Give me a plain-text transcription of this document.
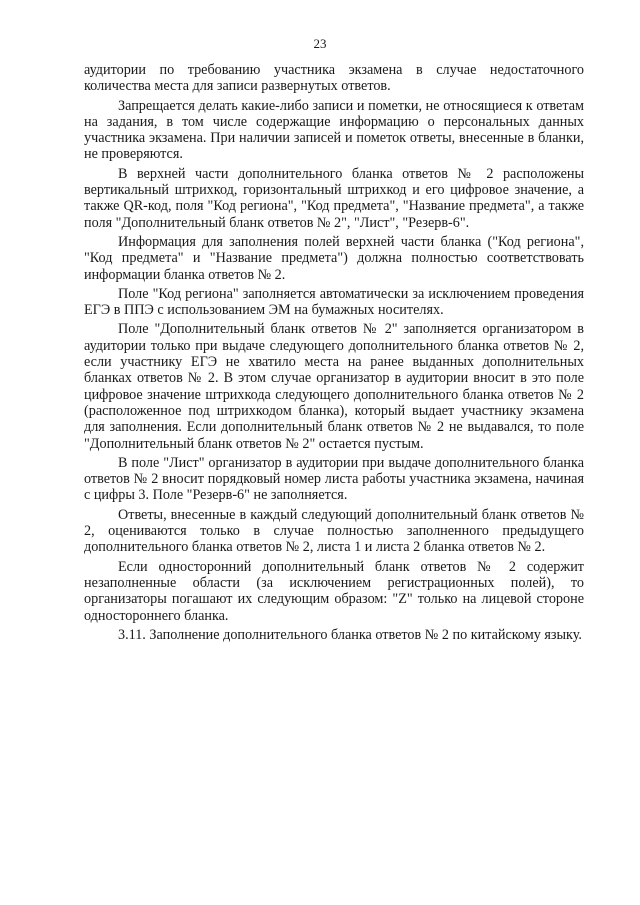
23

аудитории по требованию участника экзамена в случае недостаточного количества места для записи развернутых ответов.

Запрещается делать какие-либо записи и пометки, не относящиеся к ответам на задания, в том числе содержащие информацию о персональных данных участника экзамена. При наличии записей и пометок ответы, внесенные в бланки, не проверяются.

В верхней части дополнительного бланка ответов № 2 расположены вертикальный штрихкод, горизонтальный штрихкод и его цифровое значение, а также QR-код, поля "Код региона", "Код предмета", "Название предмета", а также поля "Дополнительный бланк ответов № 2", "Лист", "Резерв-6".

Информация для заполнения полей верхней части бланка ("Код региона", "Код предмета" и "Название предмета") должна полностью соответствовать информации бланка ответов № 2.

Поле "Код региона" заполняется автоматически за исключением проведения ЕГЭ в ППЭ с использованием ЭМ на бумажных носителях.

Поле "Дополнительный бланк ответов № 2" заполняется организатором в аудитории только при выдаче следующего дополнительного бланка ответов № 2, если участнику ЕГЭ не хватило места на ранее выданных дополнительных бланках ответов № 2. В этом случае организатор в аудитории вносит в это поле цифровое значение штрихкода следующего дополнительного бланка ответов № 2 (расположенное под штрихкодом бланка), который выдает участнику экзамена для заполнения. Если дополнительный бланк ответов № 2 не выдавался, то поле "Дополнительный бланк ответов № 2" остается пустым.

В поле "Лист" организатор в аудитории при выдаче дополнительного бланка ответов № 2 вносит порядковый номер листа работы участника экзамена, начиная с цифры 3. Поле "Резерв-6" не заполняется.

Ответы, внесенные в каждый следующий дополнительный бланк ответов № 2, оцениваются только в случае полностью заполненного предыдущего дополнительного бланка ответов № 2, листа 1 и листа 2 бланка ответов № 2.

Если односторонний дополнительный бланк ответов № 2 содержит незаполненные области (за исключением регистрационных полей), то организаторы погашают их следующим образом: "Z" только на лицевой стороне одностороннего бланка.

3.11. Заполнение дополнительного бланка ответов № 2 по китайскому языку.
